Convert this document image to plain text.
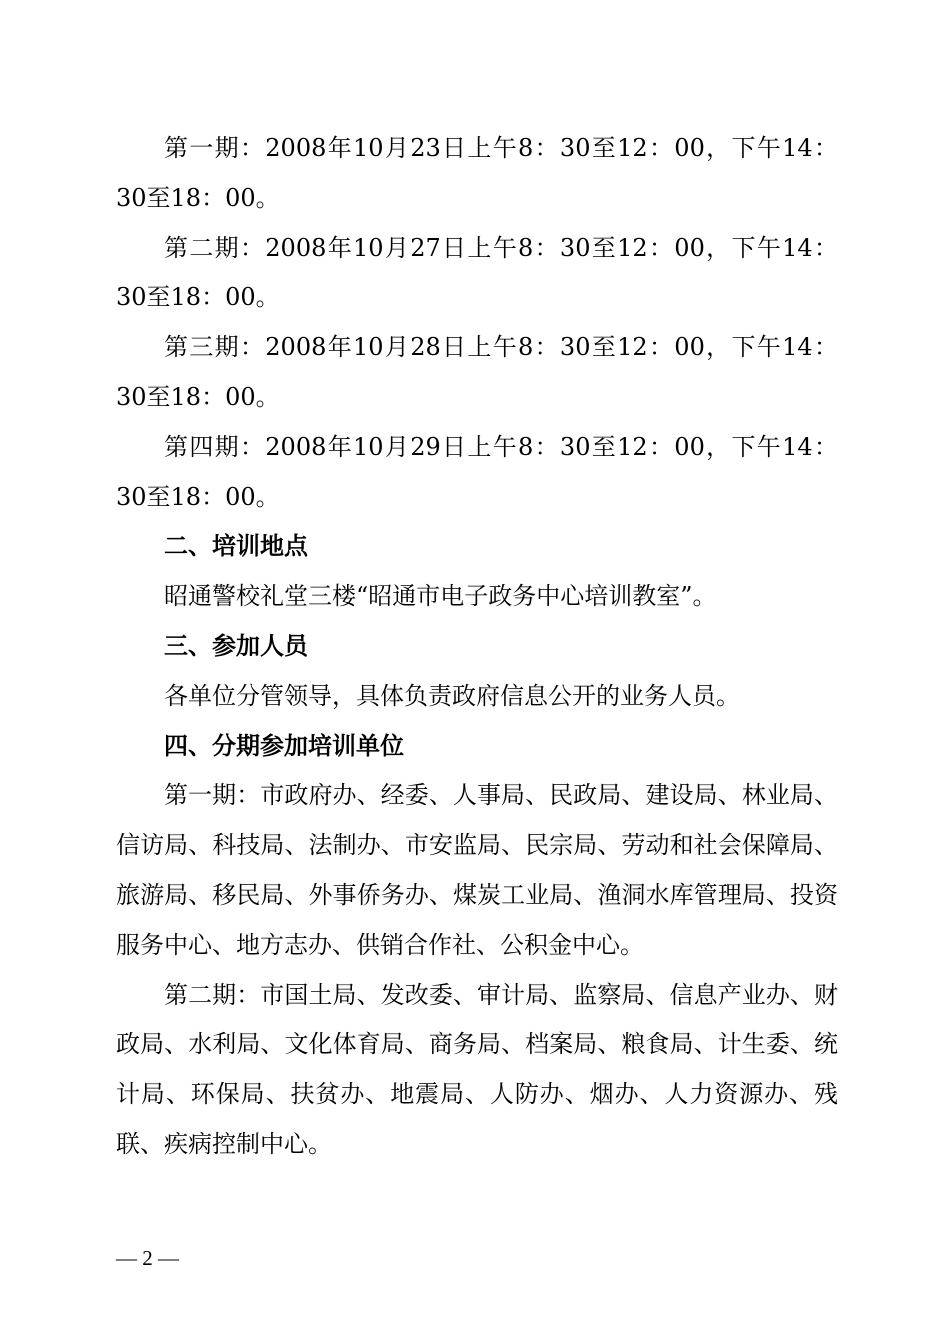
第一期：2008年10月23日上午8：30至12：00，下午14：30至18：00。

第二期：2008年10月27日上午8：30至12：00，下午14：30至18：00。

第三期：2008年10月28日上午8：30至12：00，下午14：30至18：00。

第四期：2008年10月29日上午8：30至12：00，下午14：30至18：00。

二、培训地点

昭通警校礼堂三楼“昭通市电子政务中心培训教室”。

三、参加人员

各单位分管领导，具体负责政府信息公开的业务人员。

四、分期参加培训单位

第一期：市政府办、经委、人事局、民政局、建设局、林业局、信访局、科技局、法制办、市安监局、民宗局、劳动和社会保障局、旅游局、移民局、外事侨务办、煤炭工业局、渔洞水库管理局、投资服务中心、地方志办、供销合作社、公积金中心。

第二期：市国土局、发改委、审计局、监察局、信息产业办、财政局、水利局、文化体育局、商务局、档案局、粮食局、计生委、统计局、环保局、扶贫办、地震局、人防办、烟办、人力资源办、残联、疾病控制中心。

— 2 —
